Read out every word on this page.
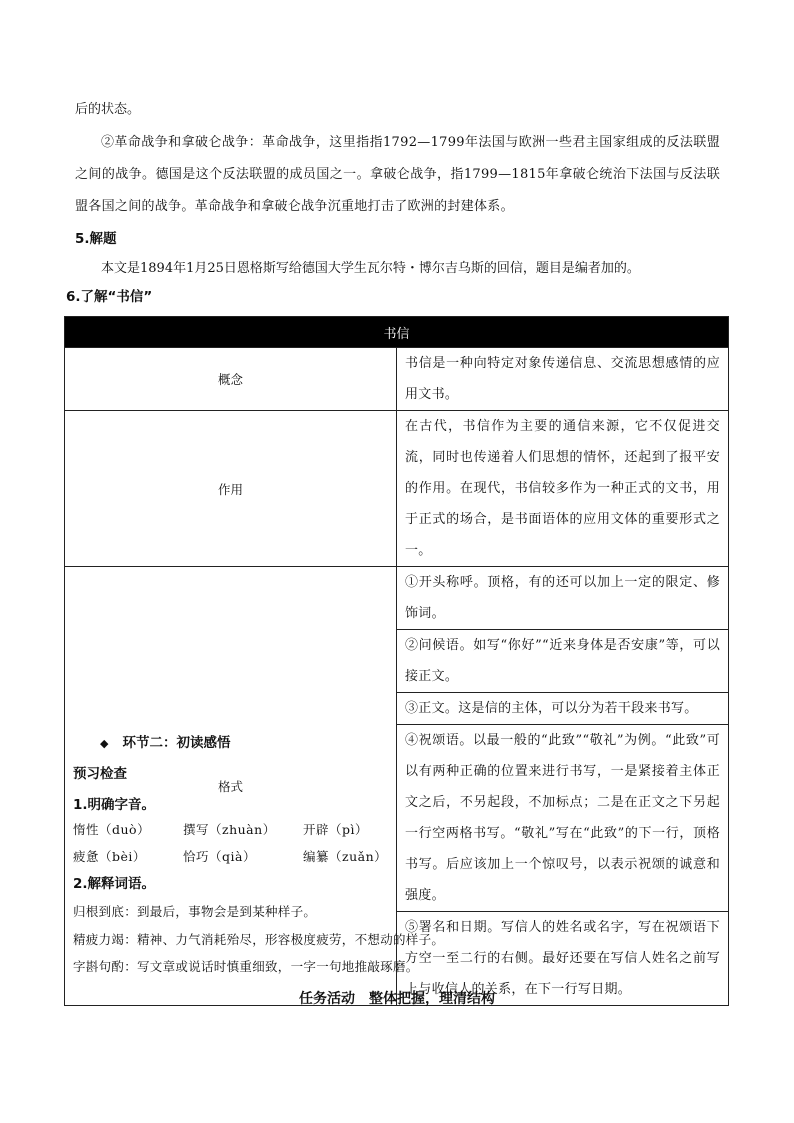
后的状态。
②革命战争和拿破仑战争：革命战争，这里指指1792—1799年法国与欧洲一些君主国家组成的反法联盟之间的战争。德国是这个反法联盟的成员国之一。拿破仑战争，指1799—1815年拿破仑统治下法国与反法联盟各国之间的战争。革命战争和拿破仑战争沉重地打击了欧洲的封建体系。
5.解题
本文是1894年1月25日恩格斯写给德国大学生瓦尔特・博尔吉乌斯的回信，题目是编者加的。
6.了解“书信”
书信	
概念	书信是一种向特定对象传递信息、交流思想感情的应用文书。
作用	在古代，书信作为主要的通信来源，它不仅促进交流，同时也传递着人们思想的情怀，还起到了报平安的作用。在现代，书信较多作为一种正式的文书，用于正式的场合，是书面语体的应用文体的重要形式之一。
格式	①开头称呼。顶格，有的还可以加上一定的限定、修饰词。
	②问候语。如写“你好”“近来身体是否安康”等，可以接正文。
	③正文。这是信的主体，可以分为若干段来书写。
	④祝颂语。以最一般的“此致”“敬礼”为例。“此致”可以有两种正确的位置来进行书写，一是紧接着主体正文之后，不另起段，不加标点；二是在正文之下另起一行空两格书写。“敬礼”写在“此致”的下一行，顶格书写。后应该加上一个惊叹号，以表示祝颂的诚意和强度。
	⑤署名和日期。写信人的姓名或名字，写在祝颂语下方空一至二行的右侧。最好还要在写信人姓名之前写上与收信人的关系，在下一行写日期。
◆ 环节二：初读感悟
预习检查
1.明确字音。
惰性（duò）	撰写（zhuàn） 开辟（pì）
疲惫（bèi）	恰巧（qià）	编纂（zuǎn）
2.解释词语。
归根到底：到最后，事物会是到某种样子。
精疲力竭：精神、力气消耗殆尽，形容极度疲劳，不想动的样子。
字斟句酌：写文章或说话时慎重细致，一字一句地推敲琢磨。
任务活动　整体把握，理清结构
